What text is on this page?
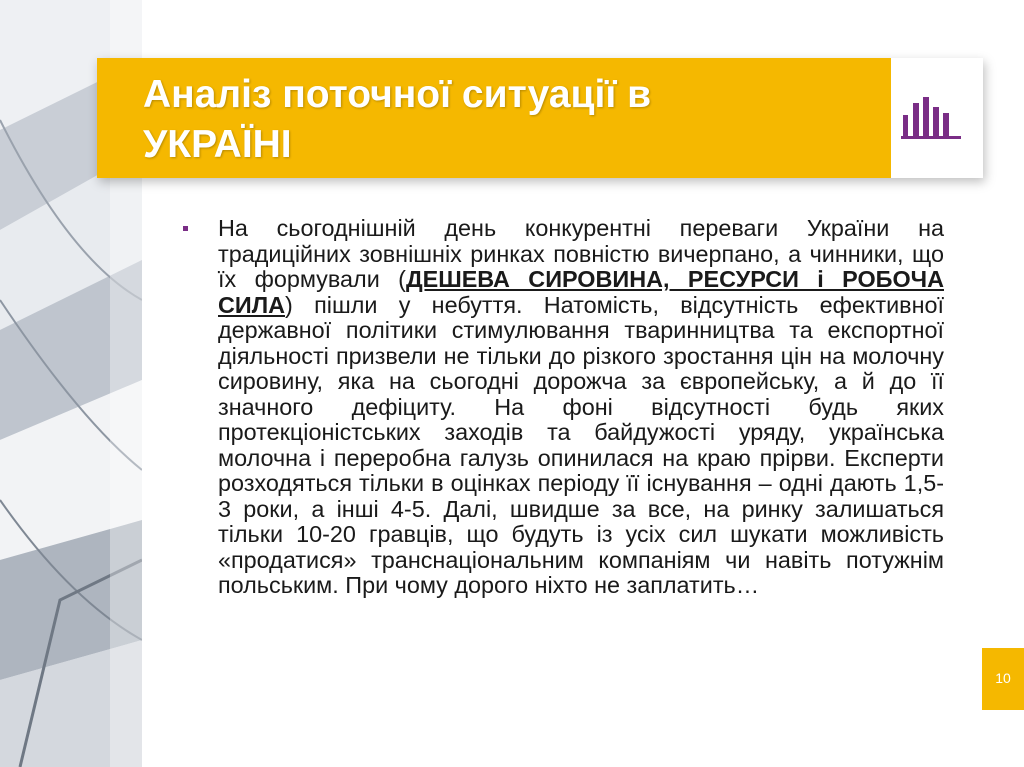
Аналіз поточної ситуації в
УКРАЇНІ
На сьогоднішній день конкурентні переваги України на традиційних зовнішніх ринках повністю вичерпано, а чинники, що їх формували (ДЕШЕВА СИРОВИНА, РЕСУРСИ і РОБОЧА СИЛА) пішли у небуття. Натомість, відсутність ефективної державної політики стимулювання тваринництва та експортної діяльності призвели не тільки до різкого зростання цін на молочну сировину, яка на сьогодні дорожча за європейську, а й до її значного дефіциту. На фоні відсутності будь яких протекціоністських заходів та байдужості уряду, українська молочна і переробна галузь опинилася на краю прірви. Експерти розходяться тільки в оцінках періоду її існування – одні дають 1,5-3 роки, а інші 4-5. Далі, швидше за все, на ринку залишаться тільки 10-20 гравців, що будуть із усіх сил шукати можливість «продатися» транснаціональним компаніям чи навіть потужнім польським. При чому дорого ніхто не заплатить…
10
